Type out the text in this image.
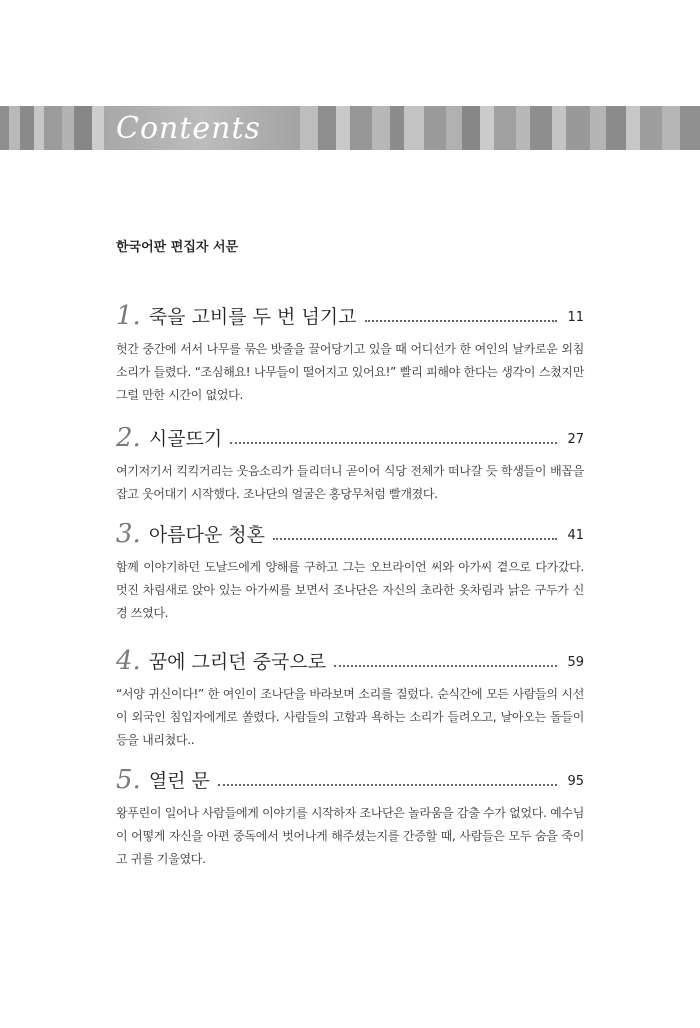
Contents
한국어판 편집자 서문
1. 죽을 고비를 두 번 넘기고	11
헛간 중간에 서서 나무를 묶은 밧줄을 끌어당기고 있을 때 어디선가 한 여인의 날카로운 외침소리가 들렸다. “조심해요! 나무들이 떨어지고 있어요!” 빨리 피해야 한다는 생각이 스쳤지만 그럴 만한 시간이 없었다.
2. 시골뜨기	27
여기저기서 킥킥거리는 웃음소리가 들리더니 곧이어 식당 전체가 떠나갈 듯 학생들이 배꼽을 잡고 웃어대기 시작했다. 조나단의 얼굴은 홍당무처럼 빨개졌다.
3. 아름다운 청혼	41
함께 이야기하던 도날드에게 양해를 구하고 그는 오브라이언 씨와 아가씨 곁으로 다가갔다. 멋진 차림새로 앉아 있는 아가씨를 보면서 조나단은 자신의 초라한 옷차림과 낡은 구두가 신경 쓰였다.
4. 꿈에 그리던 중국으로	59
“서양 귀신이다!” 한 여인이 조나단을 바라보며 소리를 질렀다. 순식간에 모든 사람들의 시선이 외국인 침입자에게로 쏠렸다. 사람들의 고함과 욕하는 소리가 들려오고, 날아오는 돌들이 등을 내리쳤다..
5. 열린 문	95
왕푸린이 일어나 사람들에게 이야기를 시작하자 조나단은 놀라움을 감출 수가 없었다. 예수님이 어떻게 자신을 아편 중독에서 벗어나게 해주셨는지를 간증할 때, 사람들은 모두 숨을 죽이고 귀를 기울였다.
